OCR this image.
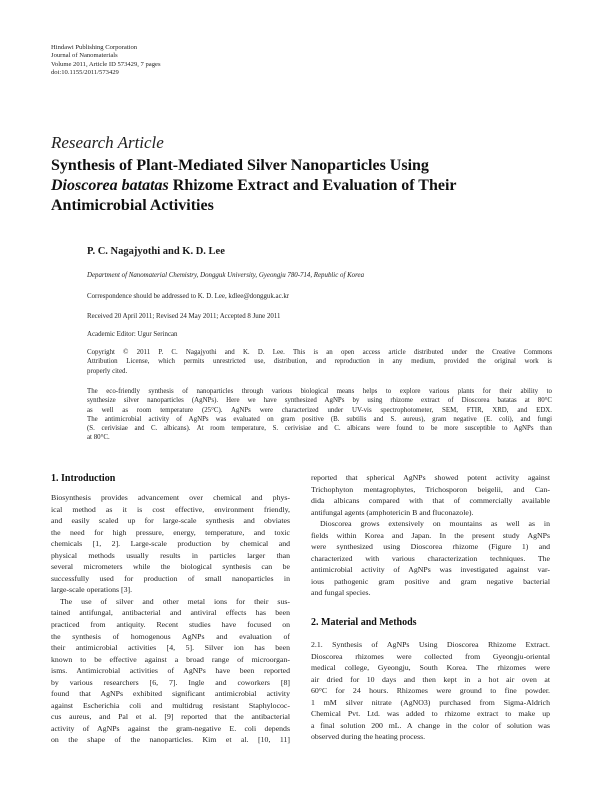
Hindawi Publishing Corporation
Journal of Nanomaterials
Volume 2011, Article ID 573429, 7 pages
doi:10.1155/2011/573429
Research Article
Synthesis of Plant-Mediated Silver Nanoparticles Using
Dioscorea batatas Rhizome Extract and Evaluation of Their
Antimicrobial Activities
P. C. Nagajyothi and K. D. Lee
Department of Nanomaterial Chemistry, Dongguk University, Gyeongju 780-714, Republic of Korea
Correspondence should be addressed to K. D. Lee, kdlee@dongguk.ac.kr
Received 20 April 2011; Revised 24 May 2011; Accepted 8 June 2011
Academic Editor: Ugur Serincan
Copyright © 2011 P. C. Nagajyothi and K. D. Lee. This is an open access article distributed under the Creative Commons
Attribution License, which permits unrestricted use, distribution, and reproduction in any medium, provided the original work is
properly cited.
The eco-friendly synthesis of nanoparticles through various biological means helps to explore various plants for their ability to
synthesize silver nanoparticles (AgNPs). Here we have synthesized AgNPs by using rhizome extract of Dioscorea batatas at 80°C
as well as room temperature (25°C). AgNPs were characterized under UV-vis spectrophotometer, SEM, FTIR, XRD, and EDX.
The antimicrobial activity of AgNPs was evaluated on gram positive (B. subtilis and S. aureus), gram negative (E. coli), and fungi
(S. cerivisiae and C. albicans). At room temperature, S. cerivisiae and C. albicans were found to be more susceptible to AgNPs than
at 80°C.
1. Introduction
Biosynthesis provides advancement over chemical and phys-
ical method as it is cost effective, environment friendly,
and easily scaled up for large-scale synthesis and obviates
the need for high pressure, energy, temperature, and toxic
chemicals [1, 2]. Large-scale production by chemical and
physical methods usually results in particles larger than
several micrometers while the biological synthesis can be
successfully used for production of small nanoparticles in
large-scale operations [3].
The use of silver and other metal ions for their sus-
tained antifungal, antibacterial and antiviral effects has been
practiced from antiquity. Recent studies have focused on
the synthesis of homogenous AgNPs and evaluation of
their antimicrobial activities [4, 5]. Silver ion has been
known to be effective against a broad range of microorgan-
isms. Antimicrobial activities of AgNPs have been reported
by various researchers [6, 7]. Ingle and coworkers [8]
found that AgNPs exhibited significant antimicrobial activity
against Escherichia coli and multidrug resistant Staphylococ-
cus aureus, and Pal et al. [9] reported that the antibacterial
activity of AgNPs against the gram-negative E. coli depends
on the shape of the nanoparticles. Kim et al. [10, 11]
reported that spherical AgNPs showed potent activity against
Trichophyton mentagrophytes, Trichosporon beigelii, and Can-
dida albicans compared with that of commercially available
antifungal agents (amphotericin B and fluconazole).
Dioscorea grows extensively on mountains as well as in
fields within Korea and Japan. In the present study AgNPs
were synthesized using Dioscorea rhizome (Figure 1) and
characterized with various characterization techniques. The
antimicrobial activity of AgNPs was investigated against var-
ious pathogenic gram positive and gram negative bacterial
and fungal species.
2. Material and Methods
2.1. Synthesis of AgNPs Using Dioscorea Rhizome Extract.
Dioscorea rhizomes were collected from Gyeongju-oriental
medical college, Gyeongju, South Korea. The rhizomes were
air dried for 10 days and then kept in a hot air oven at
60°C for 24 hours. Rhizomes were ground to fine powder.
1 mM silver nitrate (AgNO3) purchased from Sigma-Aldrich
Chemical Pvt. Ltd. was added to rhizome extract to make up
a final solution 200 mL. A change in the color of solution was
observed during the heating process.
